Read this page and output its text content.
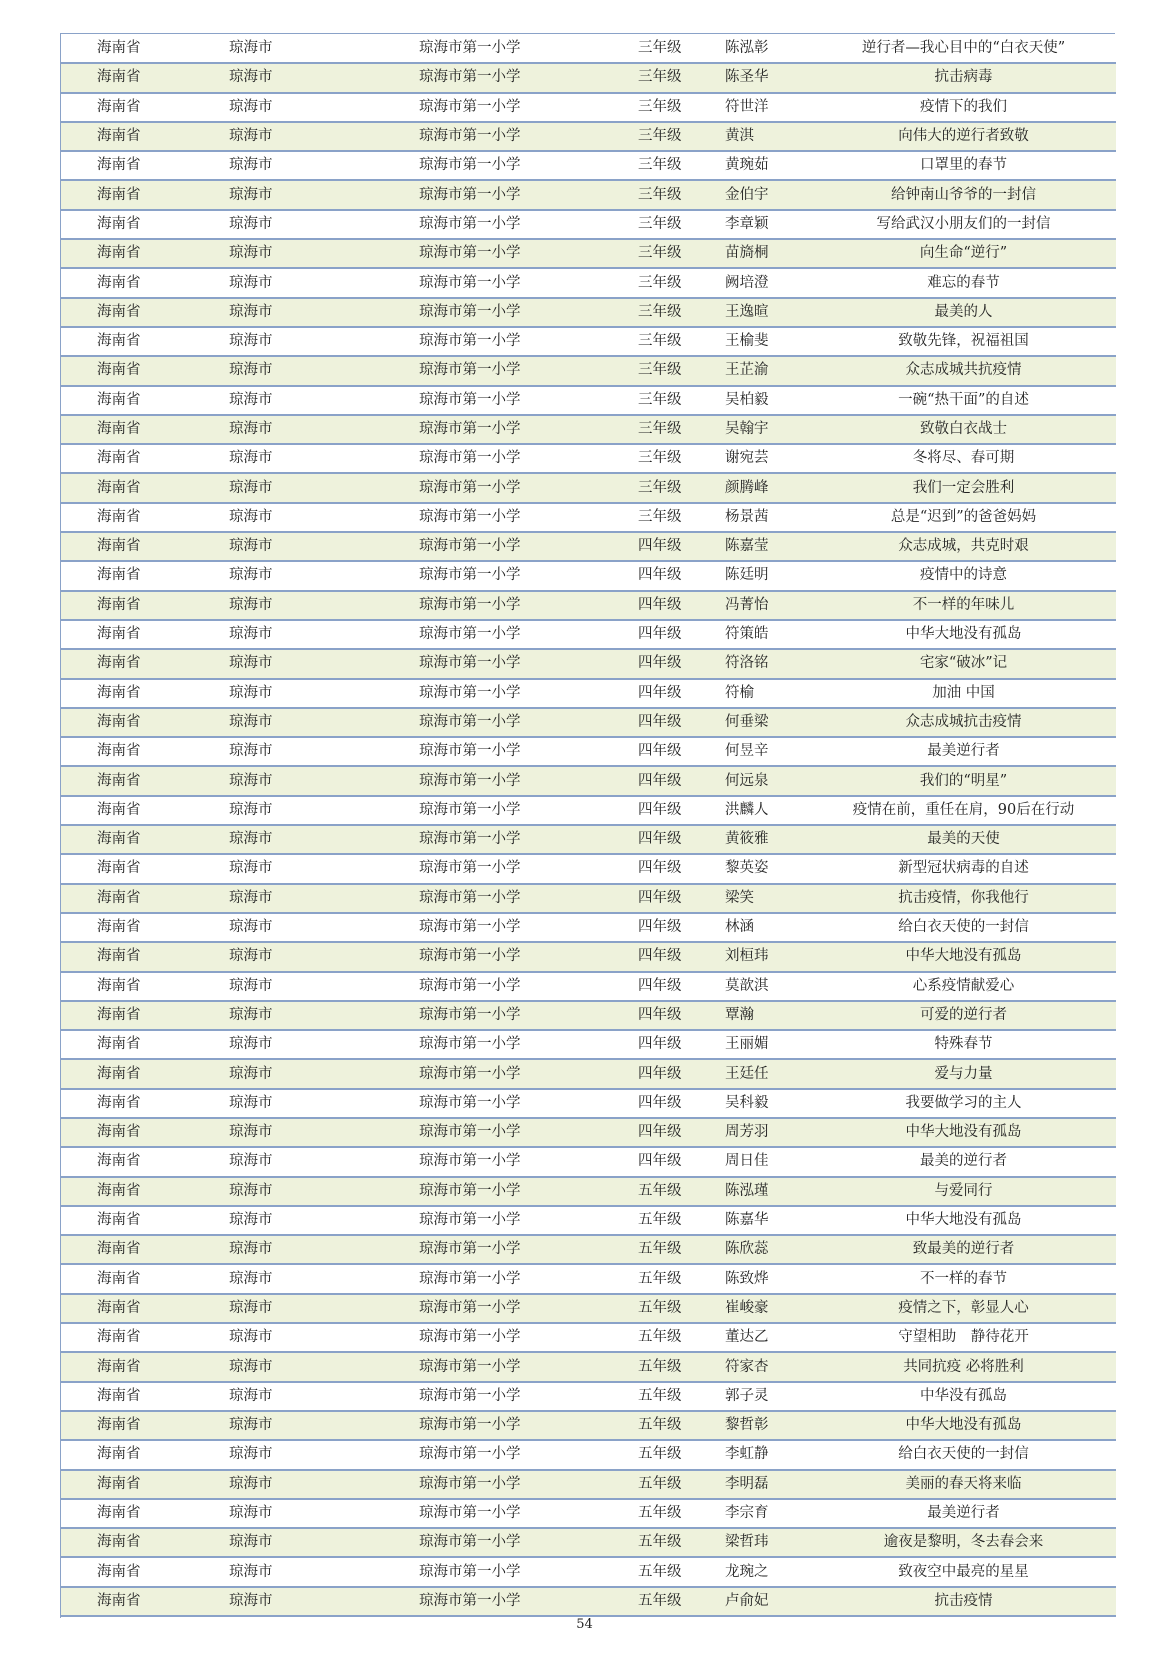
海南省	琼海市	琼海市第一小学	三年级	陈泓彰	逆行者—我心目中的“白衣天使”
海南省	琼海市	琼海市第一小学	三年级	陈圣华	抗击病毒
海南省	琼海市	琼海市第一小学	三年级	符世洋	疫情下的我们
海南省	琼海市	琼海市第一小学	三年级	黄淇	向伟大的逆行者致敬
海南省	琼海市	琼海市第一小学	三年级	黄琬茹	口罩里的春节
海南省	琼海市	琼海市第一小学	三年级	金伯宇	给钟南山爷爷的一封信
海南省	琼海市	琼海市第一小学	三年级	李章颖	写给武汉小朋友们的一封信
海南省	琼海市	琼海市第一小学	三年级	苗旖桐	向生命“逆行”
海南省	琼海市	琼海市第一小学	三年级	阙培澄	难忘的春节
海南省	琼海市	琼海市第一小学	三年级	王逸暄	最美的人
海南省	琼海市	琼海市第一小学	三年级	王榆斐	致敬先锋，祝福祖国
海南省	琼海市	琼海市第一小学	三年级	王芷渝	众志成城共抗疫情
海南省	琼海市	琼海市第一小学	三年级	吴柏毅	一碗“热干面”的自述
海南省	琼海市	琼海市第一小学	三年级	吴翰宇	致敬白衣战士
海南省	琼海市	琼海市第一小学	三年级	谢宛芸	冬将尽、春可期
海南省	琼海市	琼海市第一小学	三年级	颜腾峰	我们一定会胜利
海南省	琼海市	琼海市第一小学	三年级	杨景茜	总是“迟到”的爸爸妈妈
海南省	琼海市	琼海市第一小学	四年级	陈嘉莹	众志成城，共克时艰
海南省	琼海市	琼海市第一小学	四年级	陈廷明	疫情中的诗意
海南省	琼海市	琼海市第一小学	四年级	冯菁怡	不一样的年味儿
海南省	琼海市	琼海市第一小学	四年级	符策皓	中华大地没有孤岛
海南省	琼海市	琼海市第一小学	四年级	符洛铭	宅家“破冰”记
海南省	琼海市	琼海市第一小学	四年级	符榆	加油 中国
海南省	琼海市	琼海市第一小学	四年级	何垂梁	众志成城抗击疫情
海南省	琼海市	琼海市第一小学	四年级	何昱辛	最美逆行者
海南省	琼海市	琼海市第一小学	四年级	何远泉	我们的“明星”
海南省	琼海市	琼海市第一小学	四年级	洪麟人	疫情在前，重任在肩，90后在行动
海南省	琼海市	琼海市第一小学	四年级	黄筱雅	最美的天使
海南省	琼海市	琼海市第一小学	四年级	黎英姿	新型冠状病毒的自述
海南省	琼海市	琼海市第一小学	四年级	梁笑	抗击疫情，你我他行
海南省	琼海市	琼海市第一小学	四年级	林涵	给白衣天使的一封信
海南省	琼海市	琼海市第一小学	四年级	刘桓玮	中华大地没有孤岛
海南省	琼海市	琼海市第一小学	四年级	莫歆淇	心系疫情献爱心
海南省	琼海市	琼海市第一小学	四年级	覃瀚	可爱的逆行者
海南省	琼海市	琼海市第一小学	四年级	王丽媚	特殊春节
海南省	琼海市	琼海市第一小学	四年级	王廷任	爱与力量
海南省	琼海市	琼海市第一小学	四年级	吴科毅	我要做学习的主人
海南省	琼海市	琼海市第一小学	四年级	周芳羽	中华大地没有孤岛
海南省	琼海市	琼海市第一小学	四年级	周日佳	最美的逆行者
海南省	琼海市	琼海市第一小学	五年级	陈泓瑾	与爱同行
海南省	琼海市	琼海市第一小学	五年级	陈嘉华	中华大地没有孤岛
海南省	琼海市	琼海市第一小学	五年级	陈欣蕊	致最美的逆行者
海南省	琼海市	琼海市第一小学	五年级	陈致烨	不一样的春节
海南省	琼海市	琼海市第一小学	五年级	崔峻豪	疫情之下，彰显人心
海南省	琼海市	琼海市第一小学	五年级	董达乙	守望相助　静待花开
海南省	琼海市	琼海市第一小学	五年级	符家杏	共同抗疫 必将胜利
海南省	琼海市	琼海市第一小学	五年级	郭子灵	中华没有孤岛
海南省	琼海市	琼海市第一小学	五年级	黎哲彰	中华大地没有孤岛
海南省	琼海市	琼海市第一小学	五年级	李虹静	给白衣天使的一封信
海南省	琼海市	琼海市第一小学	五年级	李明磊	美丽的春天将来临
海南省	琼海市	琼海市第一小学	五年级	李宗育	最美逆行者
海南省	琼海市	琼海市第一小学	五年级	梁哲玮	逾夜是黎明，冬去春会来
海南省	琼海市	琼海市第一小学	五年级	龙琬之	致夜空中最亮的星星
海南省	琼海市	琼海市第一小学	五年级	卢俞妃	抗击疫情
54
